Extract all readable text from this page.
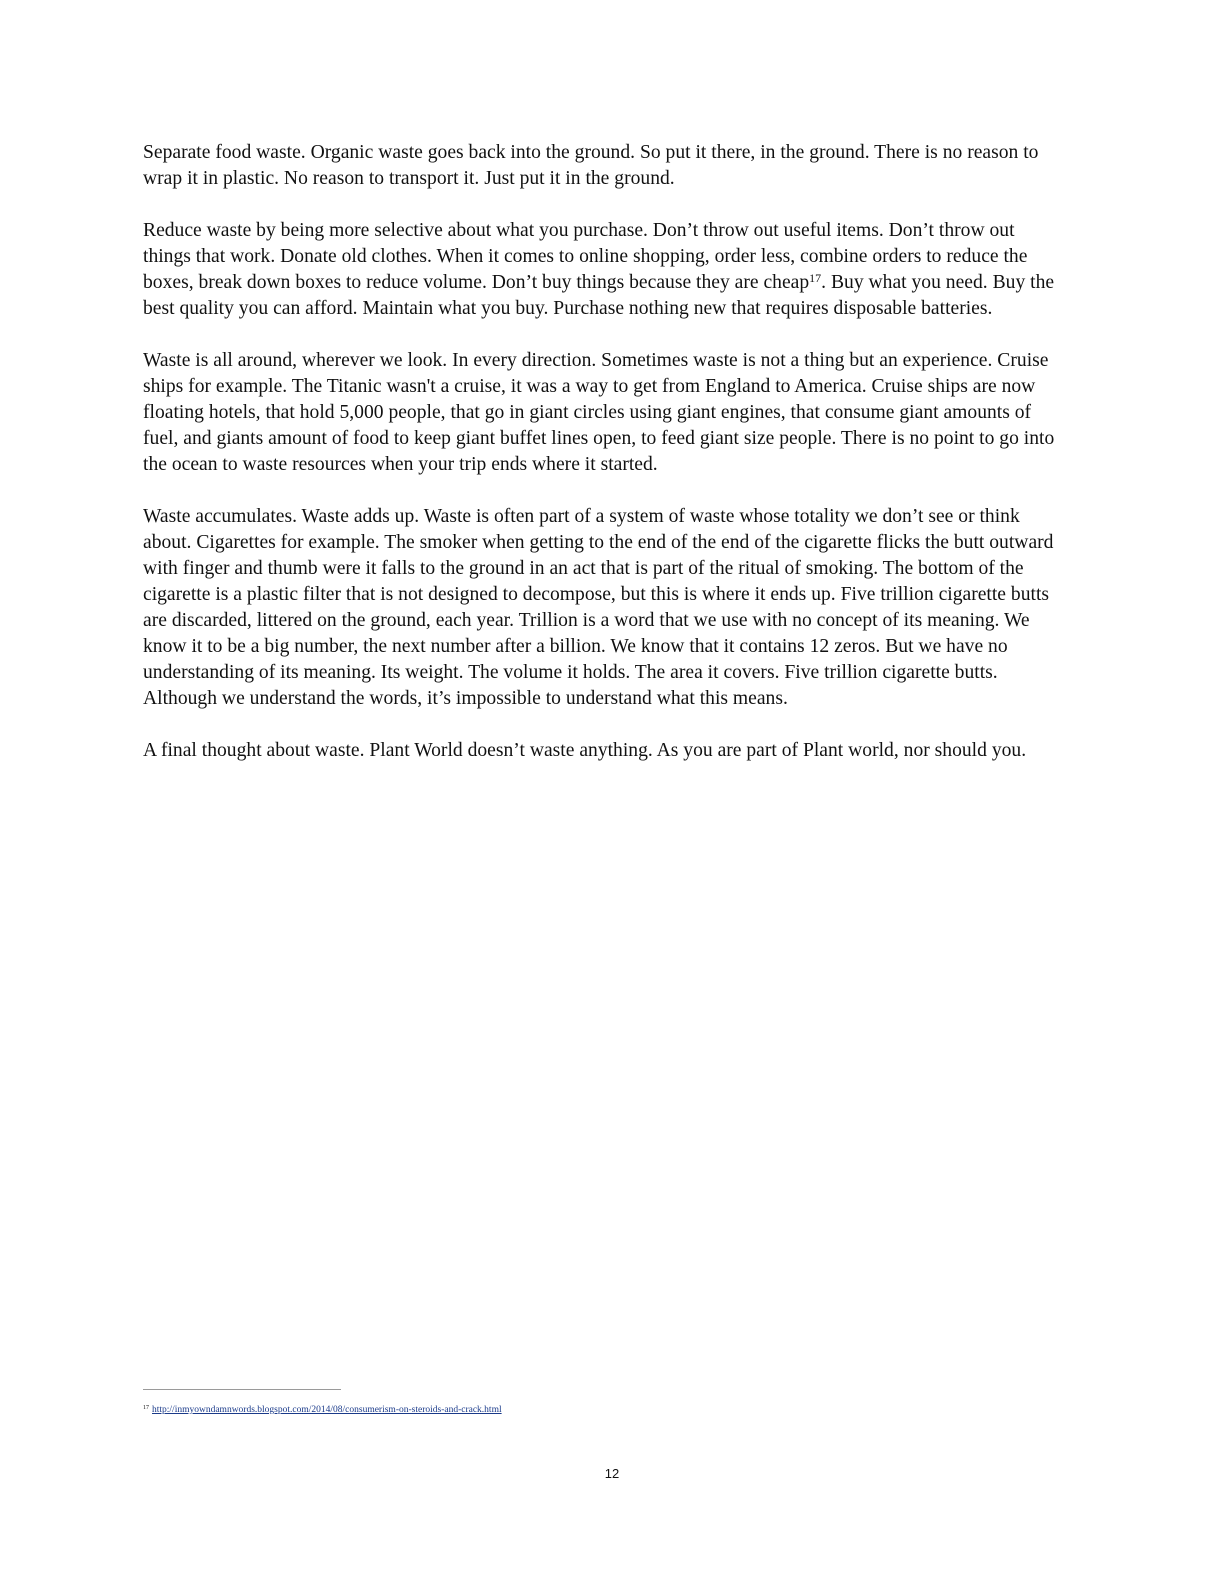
Separate food waste. Organic waste goes back into the ground. So put it there, in the ground. There is no reason to
wrap it in plastic. No reason to transport it. Just put it in the ground.

Reduce waste by being more selective about what you purchase. Don’t throw out useful items. Don’t throw out
things that work. Donate old clothes. When it comes to online shopping, order less, combine orders to reduce the
boxes, break down boxes to reduce volume. Don’t buy things because they are cheap$^{17}$. Buy what you need. Buy the
best quality you can afford. Maintain what you buy. Purchase nothing new that requires disposable batteries.

Waste is all around, wherever we look. In every direction. Sometimes waste is not a thing but an experience. Cruise
ships for example. The Titanic wasn't a cruise, it was a way to get from England to America. Cruise ships are now
floating hotels, that hold 5,000 people, that go in giant circles using giant engines, that consume giant amounts of
fuel, and giants amount of food to keep giant buffet lines open, to feed giant size people. There is no point to go into
the ocean to waste resources when your trip ends where it started.

Waste accumulates. Waste adds up. Waste is often part of a system of waste whose totality we don’t see or think
about. Cigarettes for example. The smoker when getting to the end of the end of the cigarette flicks the butt outward
with finger and thumb were it falls to the ground in an act that is part of the ritual of smoking. The bottom of the
cigarette is a plastic filter that is not designed to decompose, but this is where it ends up. Five trillion cigarette butts
are discarded, littered on the ground, each year. Trillion is a word that we use with no concept of its meaning. We
know it to be a big number, the next number after a billion. We know that it contains 12 zeros. But we have no
understanding of its meaning. Its weight. The volume it holds. The area it covers. Five trillion cigarette butts.
Although we understand the words, it’s impossible to understand what this means.

A final thought about waste. Plant World doesn’t waste anything. As you are part of Plant world, nor should you.

$^{17}$ http://inmyowndamnwords.blogspot.com/2014/08/consumerism-on-steroids-and-crack.html
12
